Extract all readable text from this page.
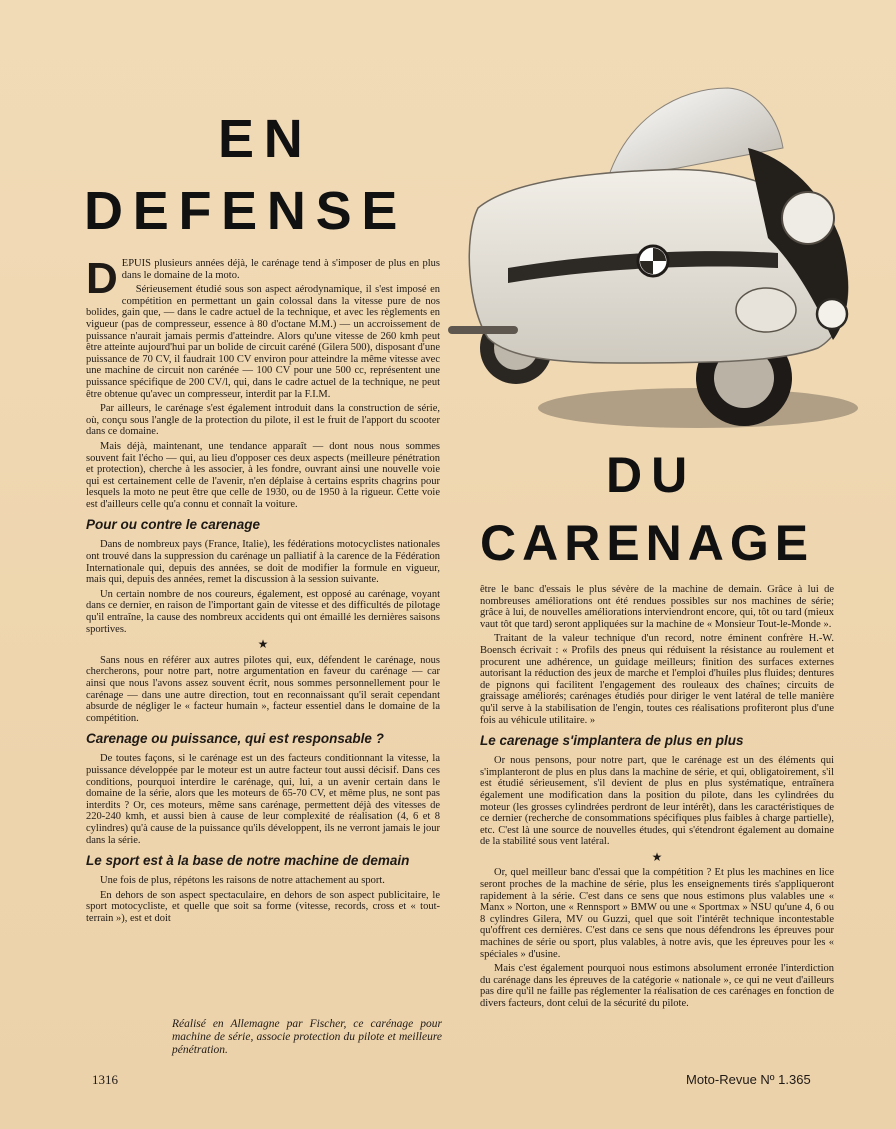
EN
DEFENSE
DU
CARENAGE

DEPUIS plusieurs années déjà, le carénage tend à s'imposer de plus en plus dans le domaine de la moto.

Sérieusement étudié sous son aspect aérodynamique, il s'est imposé en compétition en permettant un gain colossal dans la vitesse pure de nos bolides, gain que, — dans le cadre actuel de la technique, et avec les règlements en vigueur (pas de compresseur, essence à 80 d'octane M.M.) — un accroissement de puissance n'aurait jamais permis d'atteindre. Alors qu'une vitesse de 260 kmh peut être atteinte aujourd'hui par un bolide de circuit caréné (Gilera 500), disposant d'une puissance de 70 CV, il faudrait 100 CV environ pour atteindre la même vitesse avec une machine de circuit non carénée — 100 CV pour une 500 cc, représentent une puissance spécifique de 200 CV/l, qui, dans le cadre actuel de la technique, ne peut être obtenue qu'avec un compresseur, interdit par la F.I.M.

Par ailleurs, le carénage s'est également introduit dans la construction de série, où, conçu sous l'angle de la protection du pilote, il est le fruit de l'apport du scooter dans ce domaine.

Mais déjà, maintenant, une tendance apparaît — dont nous nous sommes souvent fait l'écho — qui, au lieu d'opposer ces deux aspects (meilleure pénétration et protection), cherche à les associer, à les fondre, ouvrant ainsi une nouvelle voie qui est certainement celle de l'avenir, n'en déplaise à certains esprits chagrins pour lesquels la moto ne peut être que celle de 1930, ou de 1950 à la rigueur. Cette voie est d'ailleurs celle qu'a connu et connaît la voiture.

Pour ou contre le carenage

Dans de nombreux pays (France, Italie), les fédérations motocyclistes nationales ont trouvé dans la suppression du carénage un palliatif à la carence de la Fédération Internationale qui, depuis des années, se doit de modifier la formule en vigueur, mais qui, depuis des années, remet la discussion à la session suivante.

Un certain nombre de nos coureurs, également, est opposé au carénage, voyant dans ce dernier, en raison de l'important gain de vitesse et des difficultés de pilotage qu'il entraîne, la cause des nombreux accidents qui ont émaillé les dernières saisons sportives.

★

Sans nous en référer aux autres pilotes qui, eux, défendent le carénage, nous chercherons, pour notre part, notre argumentation en faveur du carénage — car ainsi que nous l'avons assez souvent écrit, nous sommes personnellement pour le carénage — dans une autre direction, tout en reconnaissant qu'il serait cependant absurde de négliger le « facteur humain », facteur essentiel dans le domaine de la compétition.

Carenage ou puissance, qui est responsable ?

De toutes façons, si le carénage est un des facteurs conditionnant la vitesse, la puissance développée par le moteur est un autre facteur tout aussi décisif. Dans ces conditions, pourquoi interdire le carénage, qui, lui, a un avenir certain dans le domaine de la série, alors que les moteurs de 65-70 CV, et même plus, ne sont pas interdits ? Or, ces moteurs, même sans carénage, permettent déjà des vitesses de 220-240 kmh, et aussi bien à cause de leur complexité de réalisation (4, 6 et 8 cylindres) qu'à cause de la puissance qu'ils développent, ils ne verront jamais le jour dans la série.

Le sport est à la base de notre machine de demain

Une fois de plus, répétons les raisons de notre attachement au sport.

En dehors de son aspect spectaculaire, en dehors de son aspect publicitaire, le sport motocycliste, et quelle que soit sa forme (vitesse, records, cross et « tout-terrain »), est et doit

Réalisé en Allemagne par Fischer, ce carénage pour machine de série, associe protection du pilote et meilleure pénétration.

être le banc d'essais le plus sévère de la machine de demain. Grâce à lui de nombreuses améliorations ont été rendues possibles sur nos machines de série; grâce à lui, de nouvelles améliorations interviendront encore, qui, tôt ou tard (mieux vaut tôt que tard) seront appliquées sur la machine de « Monsieur Tout-le-Monde ».

Traitant de la valeur technique d'un record, notre éminent confrère H.-W. Boensch écrivait : « Profils des pneus qui réduisent la résistance au roulement et procurent une adhérence, un guidage meilleurs; finition des surfaces externes autorisant la réduction des jeux de marche et l'emploi d'huiles plus fluides; dentures de pignons qui facilitent l'engagement des rouleaux des chaînes; circuits de graissage améliorés; carénages étudiés pour diriger le vent latéral de telle manière qu'il serve à la stabilisation de l'engin, toutes ces réalisations profiteront plus d'une fois au véhicule utilitaire. »

Le carenage s'implantera de plus en plus

Or nous pensons, pour notre part, que le carénage est un des éléments qui s'implanteront de plus en plus dans la machine de série, et qui, obligatoirement, s'il est étudié sérieusement, s'il devient de plus en plus systématique, entraînera également une modification dans la position du pilote, dans les cylindrées du moteur (les grosses cylindrées perdront de leur intérêt), dans les caractéristiques de ce dernier (recherche de consommations spécifiques plus faibles à charge partielle), etc. C'est là une source de nouvelles études, qui s'étendront également au domaine de la stabilité sous vent latéral.

★

Or, quel meilleur banc d'essai que la compétition ? Et plus les machines en lice seront proches de la machine de série, plus les enseignements tirés s'appliqueront rapidement à la série. C'est dans ce sens que nous estimons plus valables une « Manx » Norton, une « Rennsport » BMW ou une « Sportmax » NSU qu'une 4, 6 ou 8 cylindres Gilera, MV ou Guzzi, quel que soit l'intérêt technique incontestable qu'offrent ces dernières. C'est dans ce sens que nous défendrons les épreuves pour machines de série ou sport, plus valables, à notre avis, que les épreuves pour les « spéciales » d'usine.

Mais c'est également pourquoi nous estimons absolument erronée l'interdiction du carénage dans les épreuves de la catégorie « nationale », ce qui ne veut d'ailleurs pas dire qu'il ne faille pas réglementer la réalisation de ces carénages en fonction de divers facteurs, dont celui de la sécurité du pilote.

1316	Moto-Revue Nº 1.365
